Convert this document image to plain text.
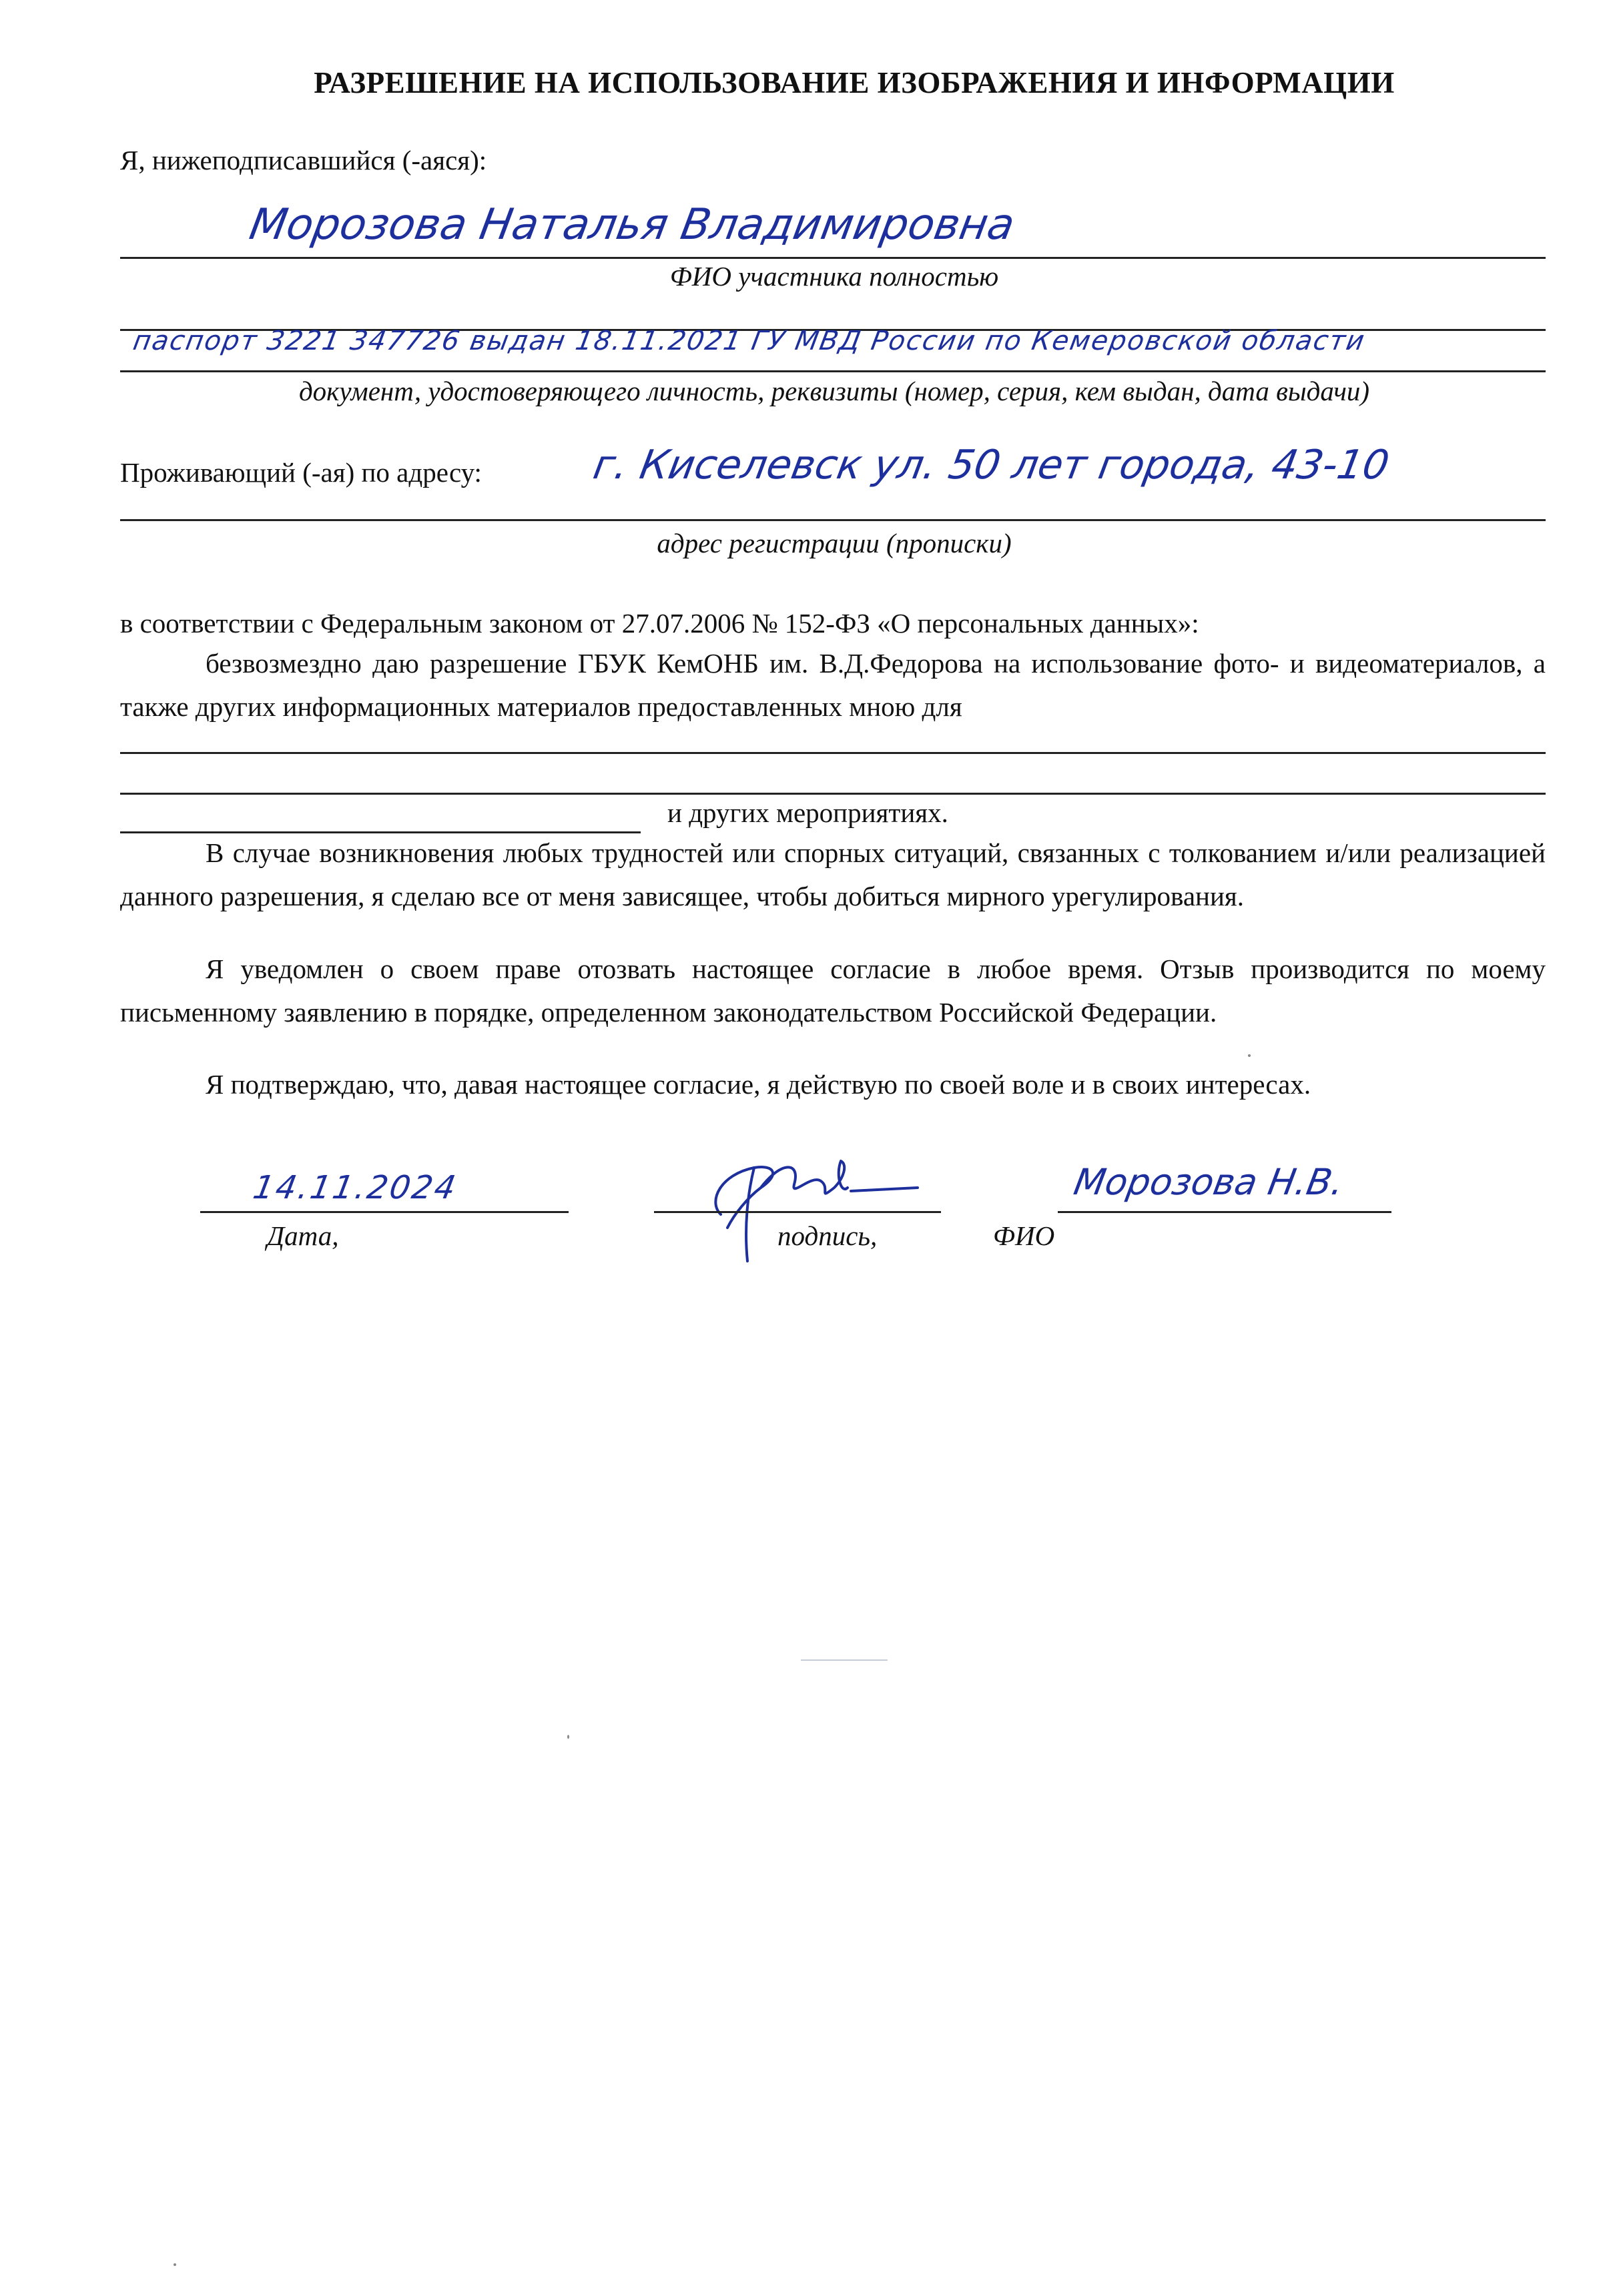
РАЗРЕШЕНИЕ НА ИСПОЛЬЗОВАНИЕ ИЗОБРАЖЕНИЯ И ИНФОРМАЦИИ
Я, нижеподписавшийся (-аяся):
Морозова Наталья Владимировна
ФИО участника полностью
паспорт 3221 347726 выдан 18.11.2021 ГУ МВД России по Кемеровской области
документ, удостоверяющего личность, реквизиты (номер, серия, кем выдан, дата выдачи)
Проживающий (-ая) по адресу:	г. Киселевск ул. 50 лет города, 43-10
адрес регистрации (прописки)
в соответствии с Федеральным законом от 27.07.2006 № 152-ФЗ «О персональных данных»:
безвозмездно даю разрешение ГБУК КемОНБ им. В.Д.Федорова на использование фото- и видеоматериалов, а также других информационных материалов предоставленных мною для
и других мероприятиях.
В случае возникновения любых трудностей или спорных ситуаций, связанных с толкованием и/или реализацией данного разрешения, я сделаю все от меня зависящее, чтобы добиться мирного урегулирования.
Я уведомлен о своем праве отозвать настоящее согласие в любое время. Отзыв производится по моему письменному заявлению в порядке, определенном законодательством Российской Федерации.
Я подтверждаю, что, давая настоящее согласие, я действую по своей воле и в своих интересах.
14.11.2024
Дата,	подпись,
Морозова Н.В.
ФИО
